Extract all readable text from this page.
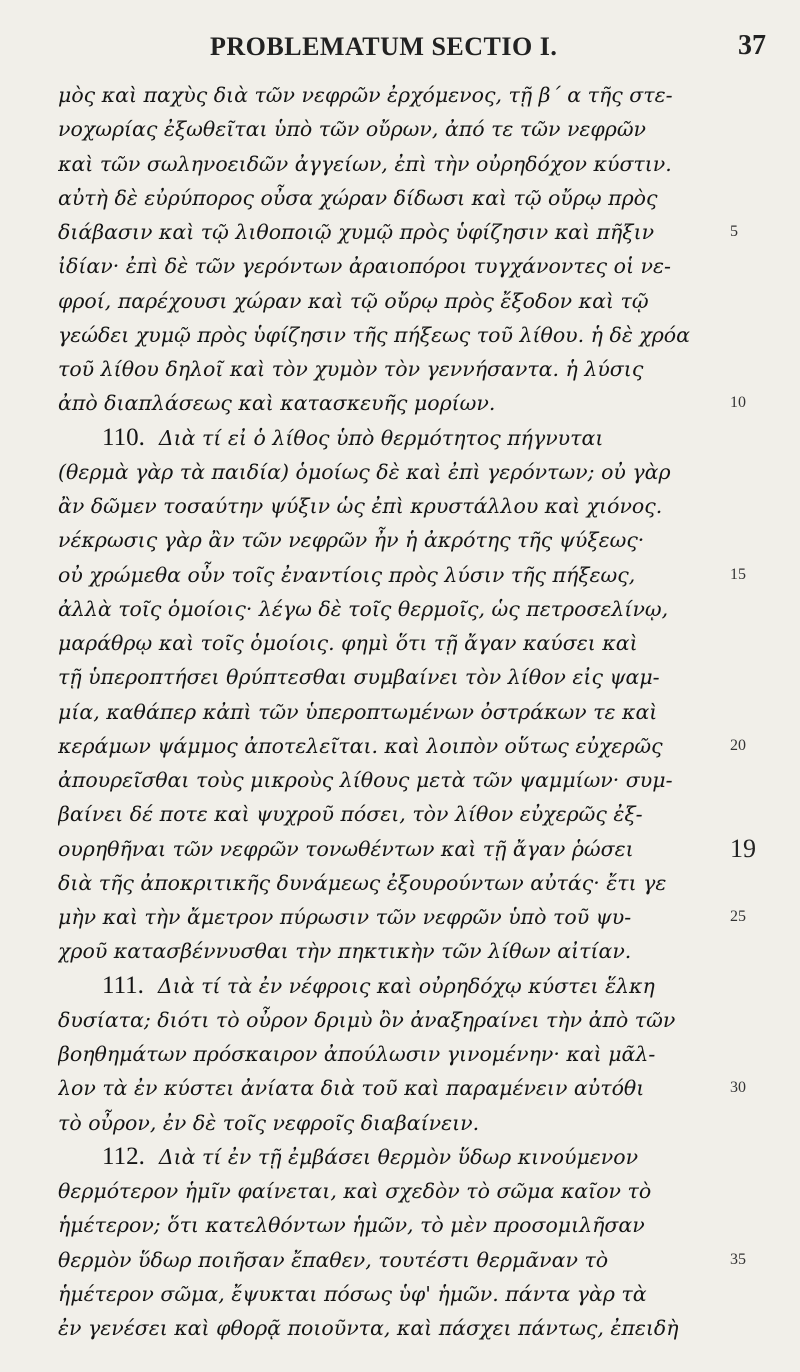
PROBLEMATUM SECTIO I.	37
μὸς καὶ παχὺς διὰ τῶν νεφρῶν ἐρχόμενος, τῇ β΄ α τῆς στε-
νοχωρίας ἐξωθεῖται ὑπὸ τῶν οὔρων, ἀπό τε τῶν νεφρῶν
καὶ τῶν σωληνοειδῶν ἀγγείων, ἐπὶ τὴν οὐρηδόχον κύστιν.
αὐτὴ δὲ εὐρύπορος οὖσα χώραν δίδωσι καὶ τῷ οὔρῳ πρὸς
διάβασιν καὶ τῷ λιθοποιῷ χυμῷ πρὸς ὑφίζησιν καὶ πῆξιν	5
ἰδίαν· ἐπὶ δὲ τῶν γερόντων ἀραιοπόροι τυγχάνοντες οἱ νε-
φροί, παρέχουσι χώραν καὶ τῷ οὔρῳ πρὸς ἔξοδον καὶ τῷ
γεώδει χυμῷ πρὸς ὑφίζησιν τῆς πήξεως τοῦ λίθου. ἡ δὲ χρόα
τοῦ λίθου δηλοῖ καὶ τὸν χυμὸν τὸν γεννήσαντα. ἡ λύσις
ἀπὸ διαπλάσεως καὶ κατασκευῆς μορίων.	10
110. Διὰ τί εἰ ὁ λίθος ὑπὸ θερμότητος πήγνυται
(θερμὰ γὰρ τὰ παιδία) ὁμοίως δὲ καὶ ἐπὶ γερόντων; οὐ γὰρ
ἂν δῶμεν τοσαύτην ψύξιν ὡς ἐπὶ κρυστάλλου καὶ χιόνος.
νέκρωσις γὰρ ἂν τῶν νεφρῶν ἦν ἡ ἀκρότης τῆς ψύξεως·
οὐ χρώμεθα οὖν τοῖς ἐναντίοις πρὸς λύσιν τῆς πήξεως,	15
ἀλλὰ τοῖς ὁμοίοις· λέγω δὲ τοῖς θερμοῖς, ὡς πετροσελίνῳ,
μαράθρῳ καὶ τοῖς ὁμοίοις. φημὶ ὅτι τῇ ἄγαν καύσει καὶ
τῇ ὑπεροπτήσει θρύπτεσθαι συμβαίνει τὸν λίθον εἰς ψαμ-
μία, καθάπερ κἀπὶ τῶν ὑπεροπτωμένων ὀστράκων τε καὶ
κεράμων ψάμμος ἀποτελεῖται. καὶ λοιπὸν οὕτως εὐχερῶς	20
ἀπουρεῖσθαι τοὺς μικροὺς λίθους μετὰ τῶν ψαμμίων· συμ-
βαίνει δέ ποτε καὶ ψυχροῦ πόσει, τὸν λίθον εὐχερῶς ἐξ-
ουρηθῆναι τῶν νεφρῶν τονωθέντων καὶ τῇ ἄγαν ῥώσει	19
διὰ τῆς ἀποκριτικῆς δυνάμεως ἐξουρούντων αὐτάς· ἔτι γε
μὴν καὶ τὴν ἄμετρον πύρωσιν τῶν νεφρῶν ὑπὸ τοῦ ψυ-	25
χροῦ κατασβέννυσθαι τὴν πηκτικὴν τῶν λίθων αἰτίαν.
111. Διὰ τί τὰ ἐν νέφροις καὶ οὐρηδόχῳ κύστει ἕλκη
δυσίατα; διότι τὸ οὖρον δριμὺ ὂν ἀναξηραίνει τὴν ἀπὸ τῶν
βοηθημάτων πρόσκαιρον ἀπούλωσιν γινομένην· καὶ μᾶλ-
λον τὰ ἐν κύστει ἀνίατα διὰ τοῦ καὶ παραμένειν αὐτόθι	30
τὸ οὖρον, ἐν δὲ τοῖς νεφροῖς διαβαίνειν.
112. Διὰ τί ἐν τῇ ἐμβάσει θερμὸν ὕδωρ κινούμενον
θερμότερον ἡμῖν φαίνεται, καὶ σχεδὸν τὸ σῶμα καῖον τὸ
ἡμέτερον; ὅτι κατελθόντων ἡμῶν, τὸ μὲν προσομιλῆσαν
θερμὸν ὕδωρ ποιῆσαν ἔπαθεν, τουτέστι θερμᾶναν τὸ	35
ἡμέτερον σῶμα, ἔψυκται πόσως ὑφ' ἡμῶν. πάντα γὰρ τὰ
ἐν γενέσει καὶ φθορᾷ ποιοῦντα, καὶ πάσχει πάντως, ἐπειδὴ
